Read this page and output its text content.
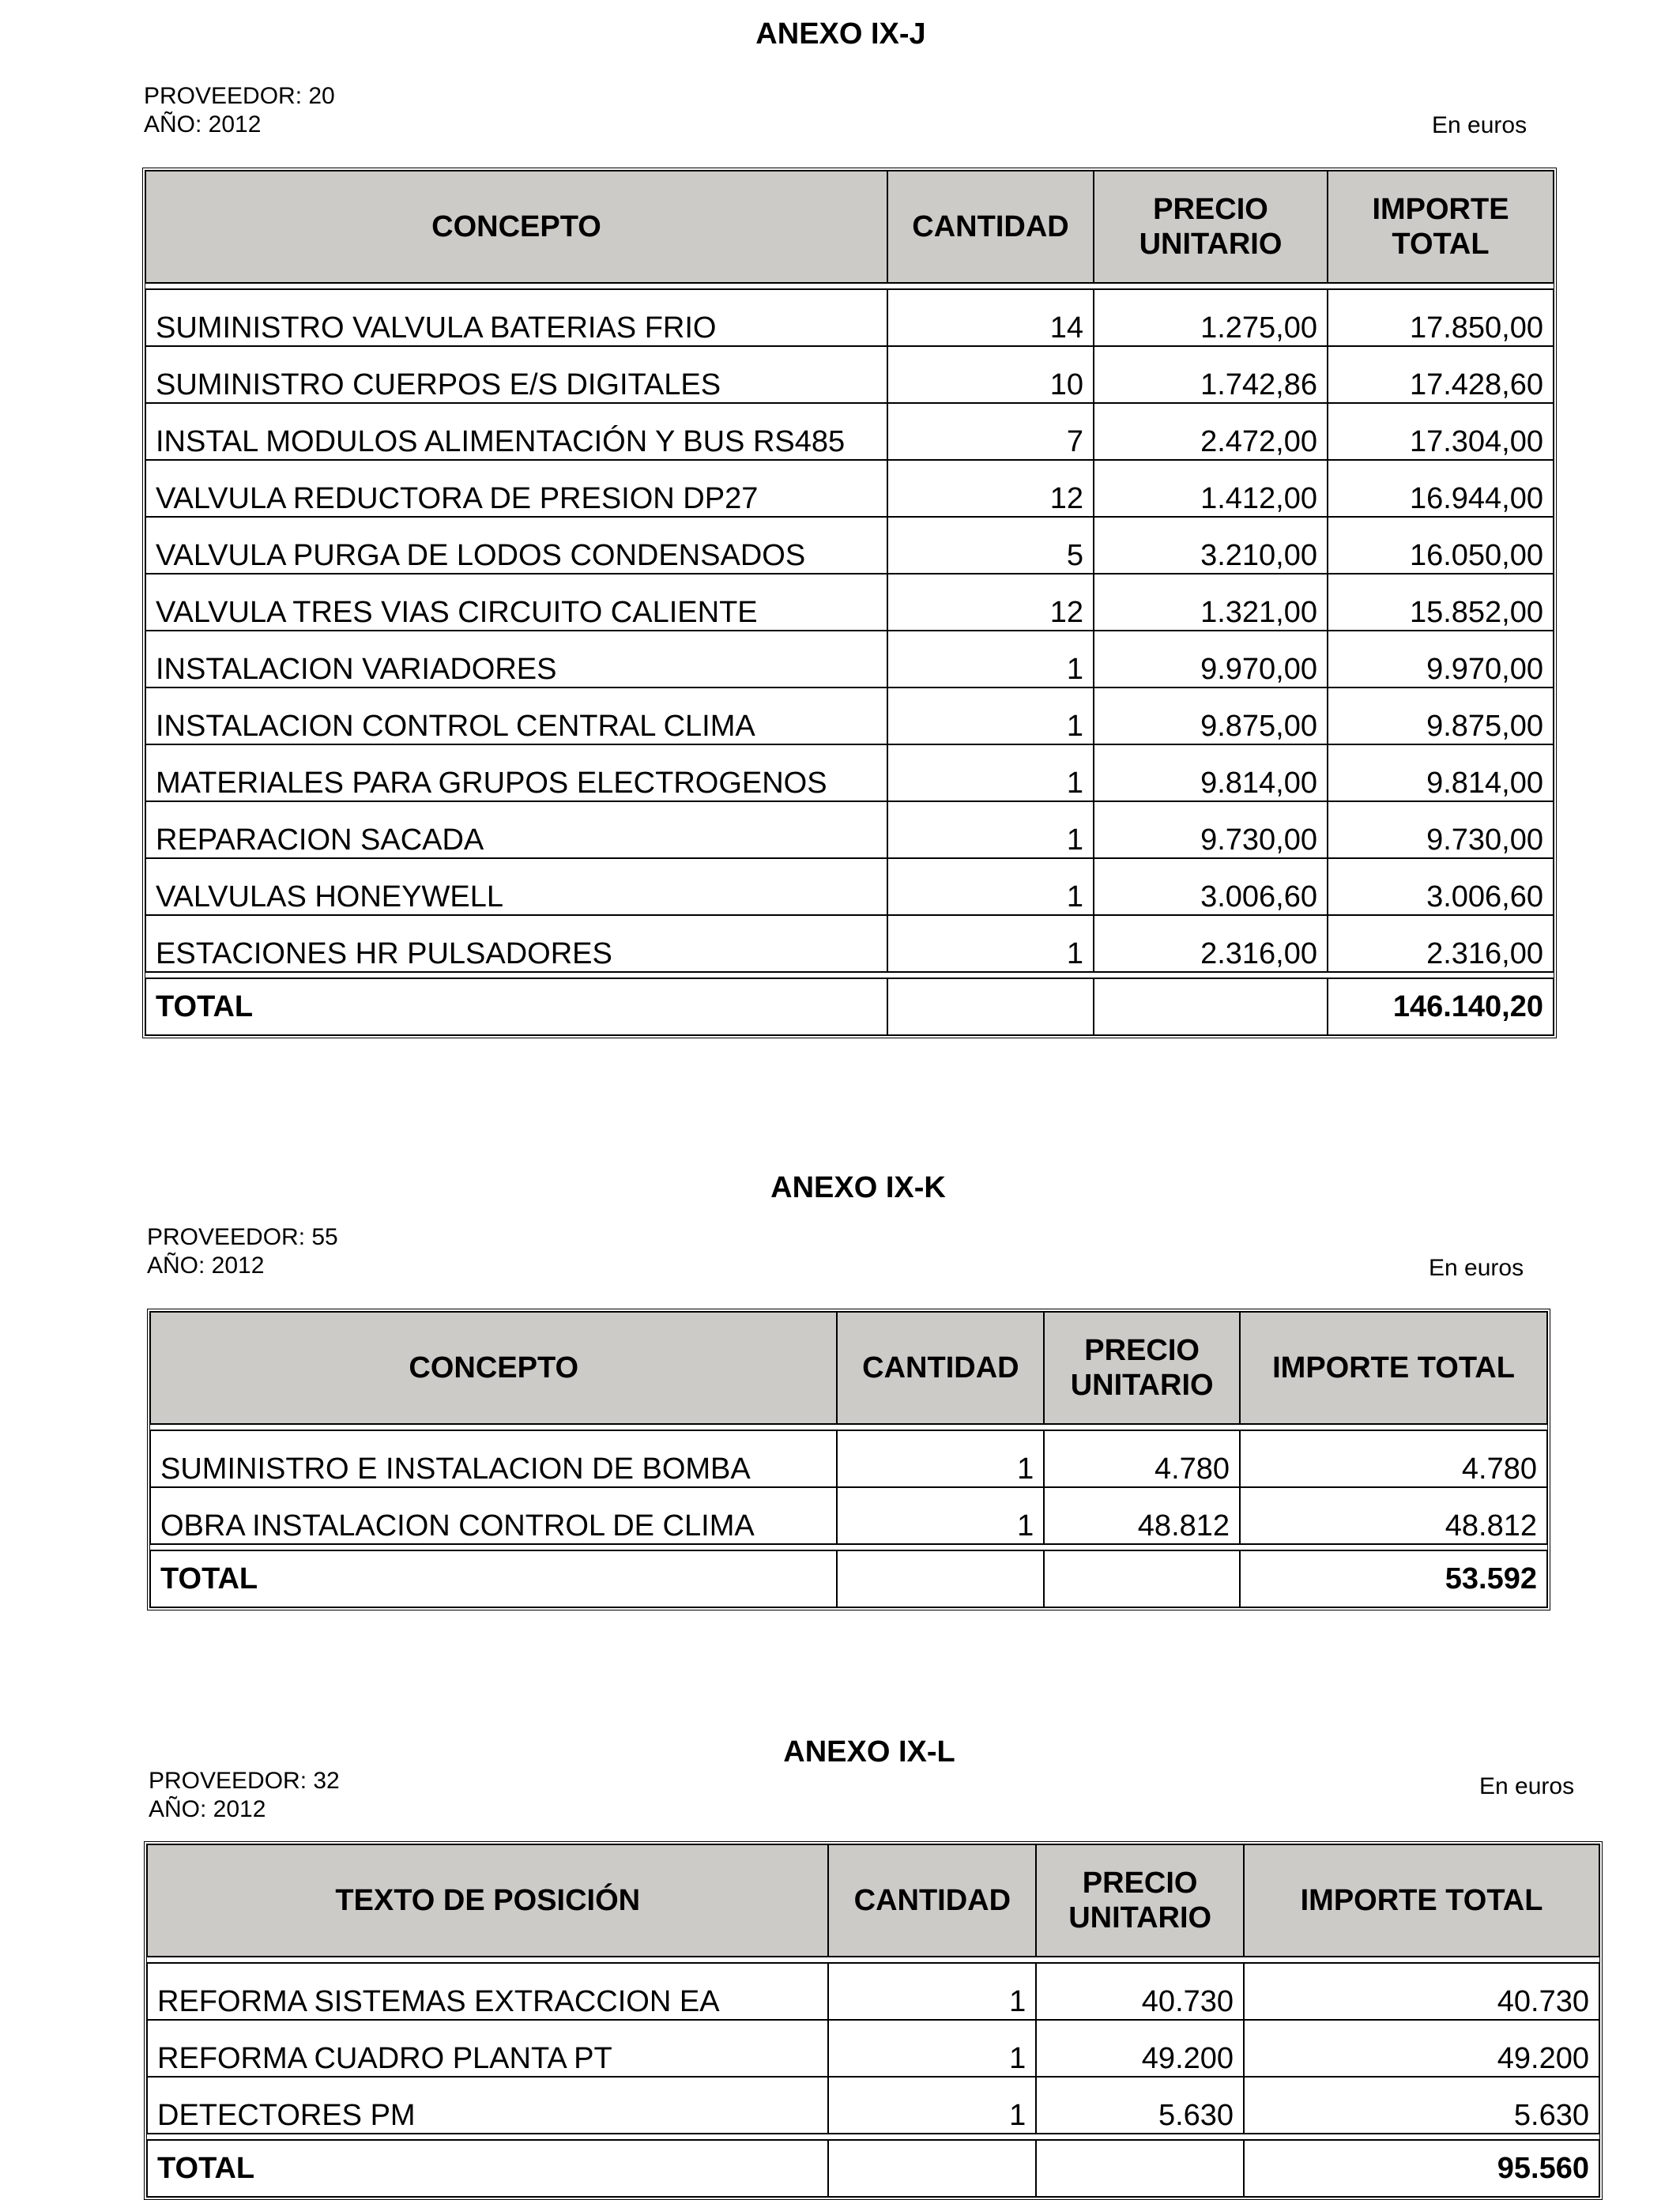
ANEXO IX-J
PROVEEDOR: 20
AÑO: 2012	En euros
CONCEPTO	CANTIDAD	PRECIO UNITARIO	IMPORTE TOTAL

SUMINISTRO VALVULA BATERIAS FRIO	14	1.275,00	17.850,00
SUMINISTRO CUERPOS E/S DIGITALES	10	1.742,86	17.428,60
INSTAL MODULOS ALIMENTACIÓN Y BUS RS485	7	2.472,00	17.304,00
VALVULA REDUCTORA DE PRESION DP27	12	1.412,00	16.944,00
VALVULA PURGA DE LODOS CONDENSADOS	5	3.210,00	16.050,00
VALVULA TRES VIAS CIRCUITO CALIENTE	12	1.321,00	15.852,00
INSTALACION VARIADORES	1	9.970,00	9.970,00
INSTALACION CONTROL CENTRAL CLIMA	1	9.875,00	9.875,00
MATERIALES PARA GRUPOS ELECTROGENOS	1	9.814,00	9.814,00
REPARACION SACADA	1	9.730,00	9.730,00
VALVULAS HONEYWELL	1	3.006,60	3.006,60
ESTACIONES HR PULSADORES	1	2.316,00	2.316,00

TOTAL			146.140,20
ANEXO IX-K
PROVEEDOR: 55
AÑO: 2012	En euros
CONCEPTO	CANTIDAD	PRECIO UNITARIO	IMPORTE TOTAL

SUMINISTRO E INSTALACION DE BOMBA	1	4.780	4.780
OBRA INSTALACION CONTROL DE CLIMA	1	48.812	48.812

TOTAL			53.592
ANEXO IX-L
PROVEEDOR: 32
AÑO: 2012
En euros
TEXTO DE POSICIÓN	CANTIDAD	PRECIO UNITARIO	IMPORTE TOTAL

REFORMA SISTEMAS EXTRACCION EA	1	40.730	40.730
REFORMA CUADRO PLANTA PT	1	49.200	49.200
DETECTORES PM	1	5.630	5.630

TOTAL			95.560
